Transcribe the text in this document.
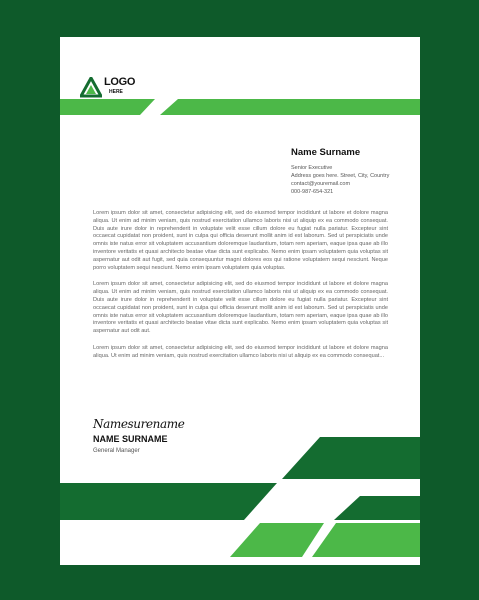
LOGO
HERE
Name Surname
Senior Executive
Address goes here. Street, City, Country
contact@youremail.com
000-987-654-321

Lorem ipsum dolor sit amet, consectetur adipisicing elit, sed do eiusmod tempor incididunt ut labore et dolore magna aliqua. Ut enim ad minim veniam, quis nostrud exercitation ullamco laboris nisi ut aliquip ex ea commodo consequat. Duis aute irure dolor in reprehenderit in voluptate velit esse cillum dolore eu fugiat nulla pariatur. Excepteur sint occaecat cupidatat non proident, sunt in culpa qui officia deserunt mollit anim id est laborum. Sed ut perspiciatis unde omnis iste natus error sit voluptatem accusantium doloremque laudantium, totam rem aperiam, eaque ipsa quae ab illo inventore veritatis et quasi architecto beatae vitae dicta sunt explicabo. Nemo enim ipsam voluptatem quia voluptas sit aspernatur aut odit aut fugit, sed quia consequuntur magni dolores eos qui ratione voluptatem sequi nesciunt. Neque porro voluptatem sequi nesciunt. Nemo enim ipsam voluptatem quia voluptas.

Lorem ipsum dolor sit amet, consectetur adipisicing elit, sed do eiusmod tempor incididunt ut labore et dolore magna aliqua. Ut enim ad minim veniam, quis nostrud exercitation ullamco laboris nisi ut aliquip ex ea commodo consequat. Duis aute irure dolor in reprehenderit in voluptate velit esse cillum dolore eu fugiat nulla pariatur. Excepteur sint occaecat cupidatat non proident, sunt in culpa qui officia deserunt mollit anim id est laborum. Sed ut perspiciatis unde omnis iste natus error sit voluptatem accusantium doloremque laudantium, totam rem aperiam, eaque ipsa quae ab illo inventore veritatis et quasi architecto beatae vitae dicta sunt explicabo. Nemo enim ipsam voluptatem quia voluptas sit aspernatur aut odit aut.

Lorem ipsum dolor sit amet, consectetur adipisicing elit, sed do eiusmod tempor incididunt ut labore et dolore magna aliqua. Ut enim ad minim veniam, quis nostrud exercitation ullamco laboris nisi ut aliquip ex ea commodo consequat...

Namesurename
NAME SURNAME
General Manager
